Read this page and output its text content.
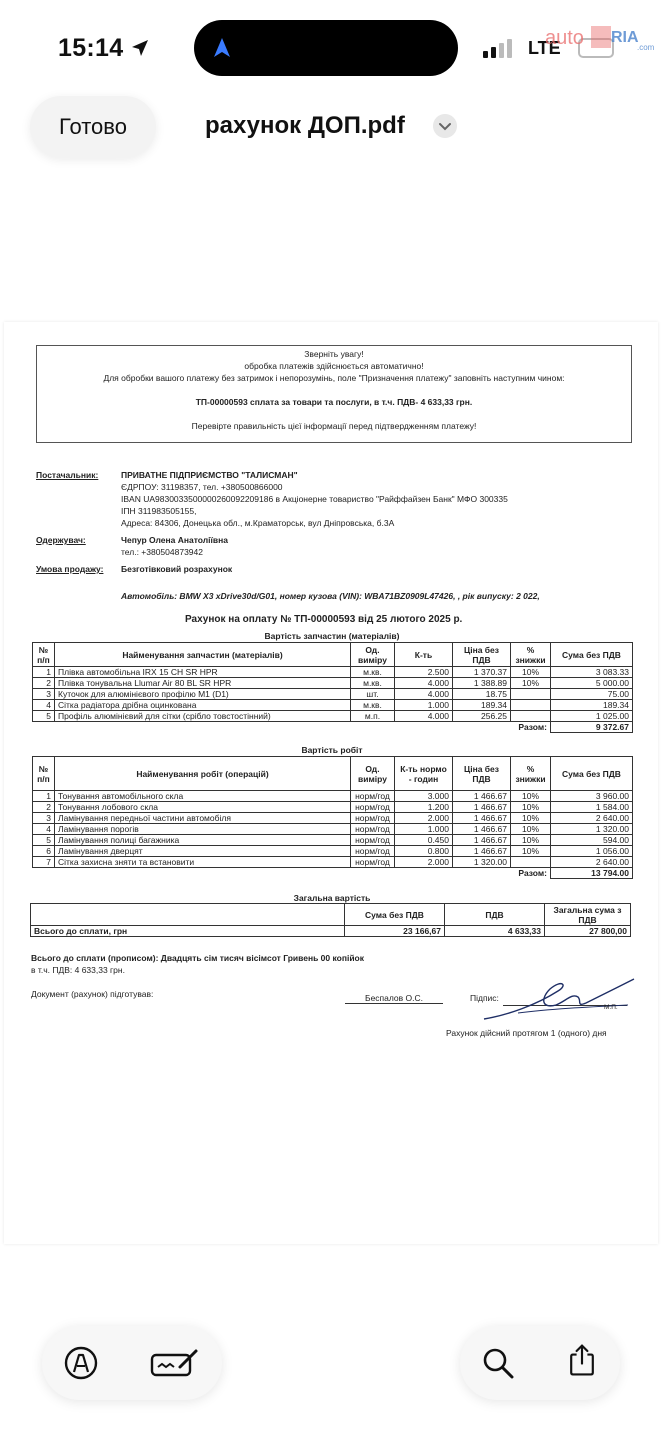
15:14	LTE
auto RIA
.com
Готово	рахунок ДОП.pdf
Зверніть увагу!
обробка платежів здійснюється автоматично!
Для обробки вашого платежу без затримок і непорозумінь, поле "Призначення платежу" заповніть наступним чином:
ТП-00000593 сплата за товари та послуги, в т.ч. ПДВ- 4 633,33 грн.
Перевірте правильність цієї інформації перед підтвердженням платежу!
Постачальник:	ПРИВАТНЕ ПІДПРИЄМСТВО "ТАЛИСМАН"
ЄДРПОУ: 31198357, тел. +380500866000
IBAN UA983003350000026009220918​6 в Акціонерне товариство "Райффайзен Банк" МФО 300335
ІПН 311983505155,
Адреса: 84306, Донецька обл., м.Краматорськ, вул Дніпровська, б.3А
Одержувач:	Чепур Олена Анатоліївна
тел.: +380504873942
Умова продажу: Безготівковий розрахунок
Автомобіль: BMW X3 xDrive30d/G01, номер кузова (VIN): WBA71BZ0909L47426, , рік випуску: 2 022,
Рахунок на оплату № ТП-00000593 від 25 лютого 2025 р.
Вартість запчастин (матеріалів)
№ п/п	Найменування запчастин (матеріалів)	Од. виміру	К-ть	Ціна без ПДВ	% знижки	Сума без ПДВ
1	Плівка автомобільна IRX 15 CH SR HPR	м.кв.	2.500	1 370.37	10%	3 083.33
2	Плівка тонувальна Llumar Air 80 BL SR HPR	м.кв.	4.000	1 388.89	10%	5 000.00
3	Куточок для алюмінієвого профілю M1 (D1)	шт.	4.000	18.75		75.00
4	Сітка радіатора дрібна оцинкована	м.кв.	1.000	189.34		189.34
5	Профіль алюмінієвий для сітки (срібло товстостінний)	м.п.	4.000	256.25		1 025.00
Разом:						9 372.67
Вартість робіт
№ п/п	Найменування робіт (операцій)	Од. виміру	К-ть нормо - годин	Ціна без ПДВ	% знижки	Сума без ПДВ
1	Тонування автомобільного скла	норм/год	3.000	1 466.67	10%	3 960.00
2	Тонування лобового скла	норм/год	1.200	1 466.67	10%	1 584.00
3	Ламінування передньої частини автомобіля	норм/год	2.000	1 466.67	10%	2 640.00
4	Ламінування порогів	норм/год	1.000	1 466.67	10%	1 320.00
5	Ламінування полиці багажника	норм/год	0.450	1 466.67	10%	594.00
6	Ламінування дверцят	норм/год	0.800	1 466.67	10%	1 056.00
7	Сітка захисна зняти та встановити	норм/год	2.000	1 320.00		2 640.00
Разом:						13 794.00
Загальна вартість
	Сума без ПДВ	ПДВ	Загальна сума з ПДВ
Всього до сплати, грн	23 166,67	4 633,33	27 800,00
Всього до сплати (прописом): Двадцять сім тисяч вісімсот Гривень 00 копійок
в т.ч. ПДВ: 4 633,33 грн.
Документ (рахунок) підготував:	Беспалов О.С.	Підпис:
М.П.
Рахунок дійсний протягом 1 (одного) дня
